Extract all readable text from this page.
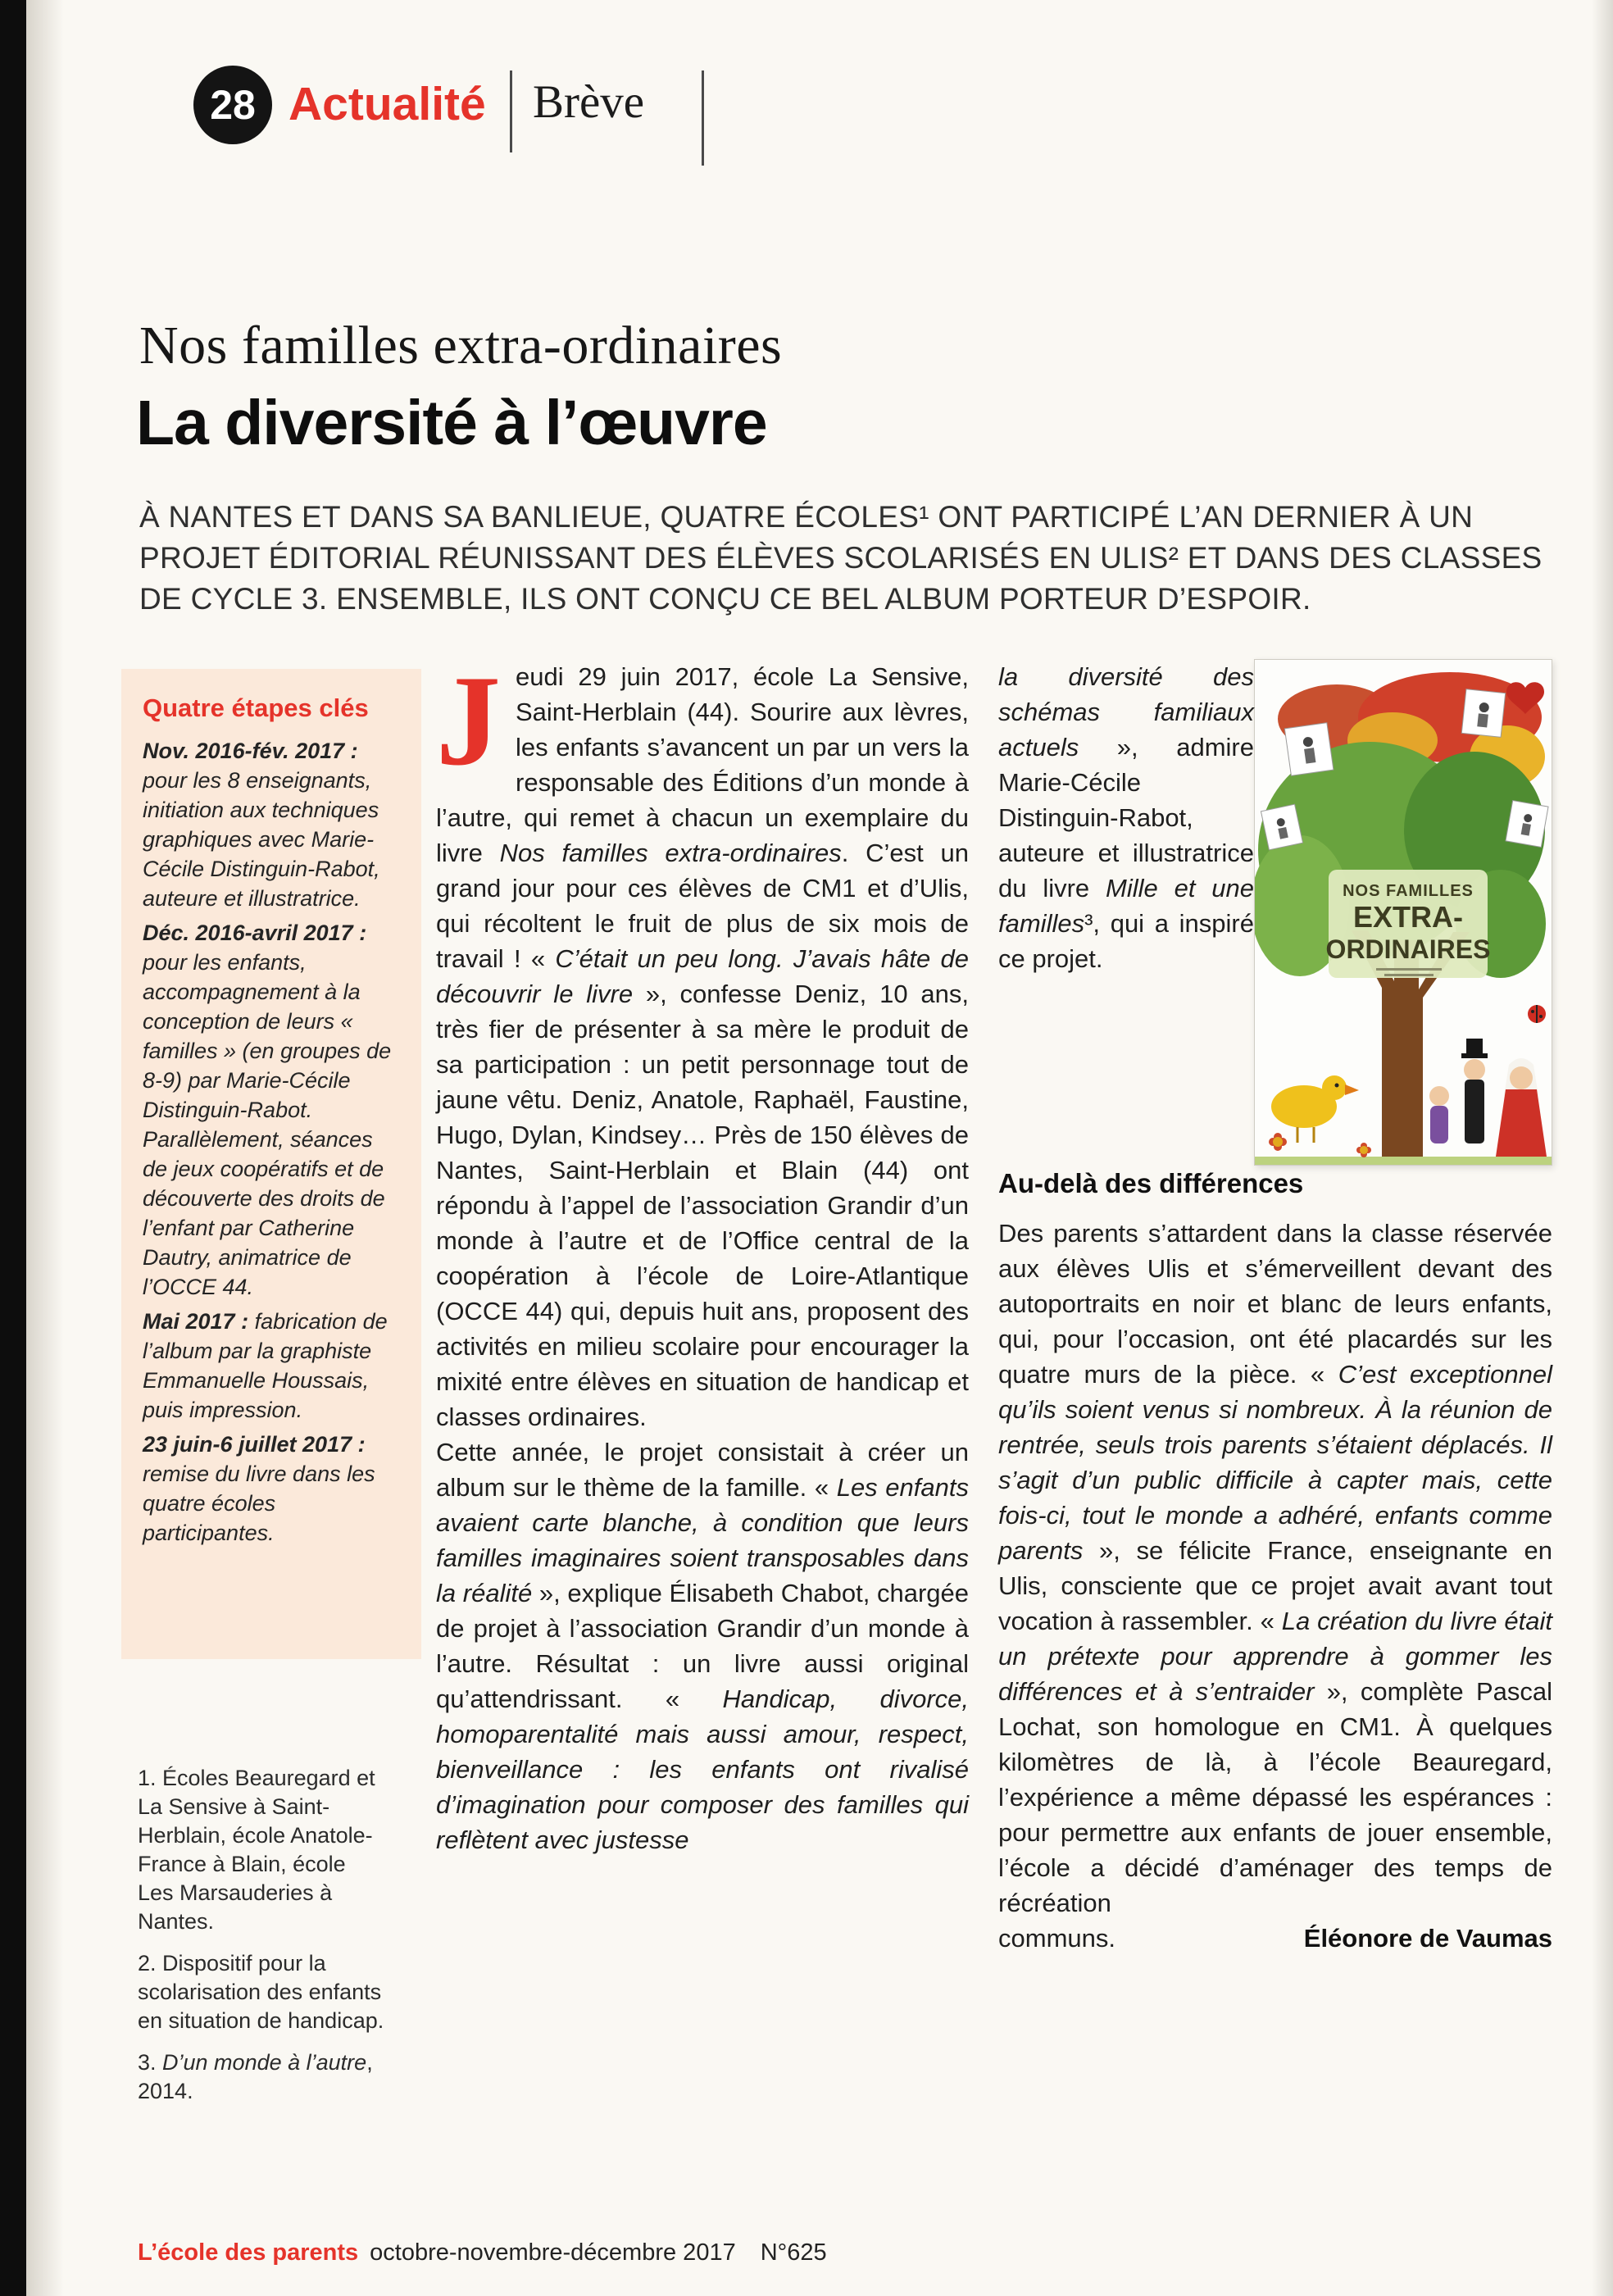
28 Actualité Brève
Nos familles extra-ordinaires
La diversité à l’œuvre
À NANTES ET DANS SA BANLIEUE, QUATRE ÉCOLES¹ ONT PARTICIPÉ L’AN DERNIER À UN PROJET ÉDITORIAL RÉUNISSANT DES ÉLÈVES SCOLARISÉS EN ULIS² ET DANS DES CLASSES DE CYCLE 3. ENSEMBLE, ILS ONT CONÇU CE BEL ALBUM PORTEUR D’ESPOIR.
Quatre étapes clés

Nov. 2016-fév. 2017 : pour les 8 enseignants, initiation aux techniques graphiques avec Marie-Cécile Distinguin-Rabot, auteure et illustratrice.

Déc. 2016-avril 2017 : pour les enfants, accompagnement à la conception de leurs « familles » (en groupes de 8-9) par Marie-Cécile Distinguin-Rabot. Parallèlement, séances de jeux coopératifs et de découverte des droits de l’enfant par Catherine Dautry, animatrice de l’OCCE 44.

Mai 2017 : fabrication de l’album par la graphiste Emmanuelle Houssais, puis impression.

23 juin-6 juillet 2017 : remise du livre dans les quatre écoles participantes.

1. Écoles Beauregard et La Sensive à Saint-Herblain, école Anatole-France à Blain, école Les Marsauderies à Nantes.

2. Dispositif pour la scolarisation des enfants en situation de handicap.

3. D’un monde à l’autre, 2014.

Jeudi 29 juin 2017, école La Sensive, Saint-Herblain (44). Sourire aux lèvres, les enfants s’avancent un par un vers la responsable des Éditions d’un monde à l’autre, qui remet à chacun un exemplaire du livre Nos familles extra-ordinaires. C’est un grand jour pour ces élèves de CM1 et d’Ulis, qui récoltent le fruit de plus de six mois de travail ! « C’était un peu long. J’avais hâte de découvrir le livre », confesse Deniz, 10 ans, très fier de présenter à sa mère le produit de sa participation : un petit personnage tout de jaune vêtu. Deniz, Anatole, Raphaël, Faustine, Hugo, Dylan, Kindsey… Près de 150 élèves de Nantes, Saint-Herblain et Blain (44) ont répondu à l’appel de l’association Grandir d’un monde à l’autre et de l’Office central de la coopération à l’école de Loire-Atlantique (OCCE 44) qui, depuis huit ans, proposent des activités en milieu scolaire pour encourager la mixité entre élèves en situation de handicap et classes ordinaires.

Cette année, le projet consistait à créer un album sur le thème de la famille. « Les enfants avaient carte blanche, à condition que leurs familles imaginaires soient transposables dans la réalité », explique Élisabeth Chabot, chargée de projet à l’association Grandir d’un monde à l’autre. Résultat : un livre aussi original qu’attendrissant. « Handicap, divorce, homoparentalité mais aussi amour, respect, bienveillance : les enfants ont rivalisé d’imagination pour composer des familles qui reflètent avec justesse

NOS FAMILLES
EXTRA-
ORDINAIRES

la diversité des schémas familiaux actuels », admire Marie-Cécile Distinguin-Rabot, auteure et illustratrice du livre Mille et une familles³, qui a inspiré ce projet.

Au-delà des différences

Des parents s’attardent dans la classe réservée aux élèves Ulis et s’émerveillent devant des autoportraits en noir et blanc de leurs enfants, qui, pour l’occasion, ont été placardés sur les quatre murs de la pièce. « C’est exceptionnel qu’ils soient venus si nombreux. À la réunion de rentrée, seuls trois parents s’étaient déplacés. Il s’agit d’un public difficile à capter mais, cette fois-ci, tout le monde a adhéré, enfants comme parents », se félicite France, enseignante en Ulis, consciente que ce projet avait avant tout vocation à rassembler. « La création du livre était un prétexte pour apprendre à gommer les différences et à s’entraider », complète Pascal Lochat, son homologue en CM1. À quelques kilomètres de là, à l’école Beauregard, l’expérience a même dépassé les espérances : pour permettre aux enfants de jouer ensemble, l’école a décidé d’aménager des temps de récréation

communs.	Éléonore de Vaumas
L’école des parents octobre-novembre-décembre 2017 N°625
